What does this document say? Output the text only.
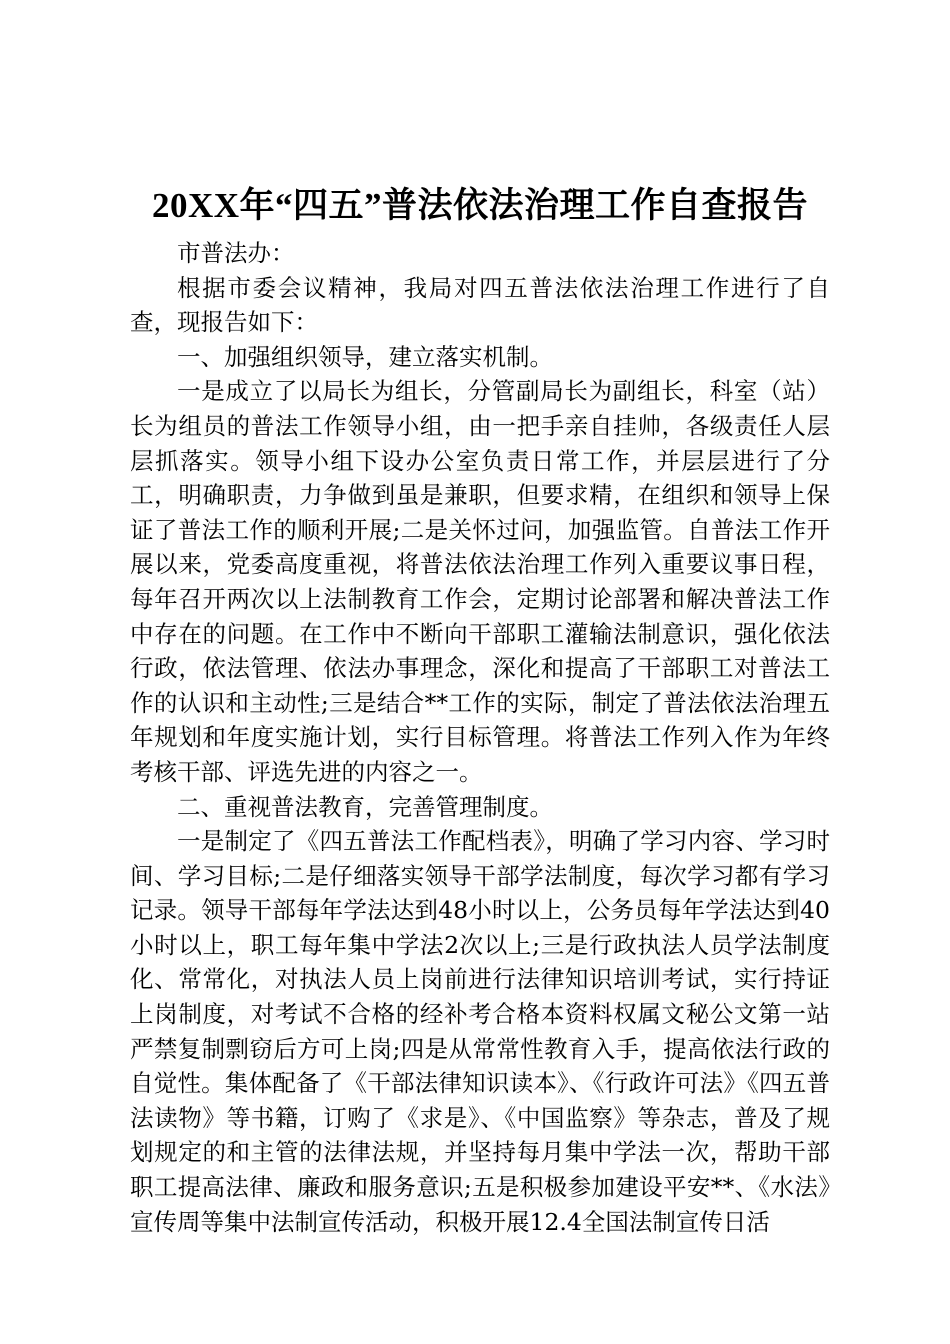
20XX年“四五”普法依法治理工作自查报告

市普法办：

根据市委会议精神，我局对四五普法依法治理工作进行了自查，现报告如下：

一、加强组织领导，建立落实机制。

一是成立了以局长为组长，分管副局长为副组长，科室（站）长为组员的普法工作领导小组，由一把手亲自挂帅，各级责任人层层抓落实。领导小组下设办公室负责日常工作，并层层进行了分工，明确职责，力争做到虽是兼职，但要求精，在组织和领导上保证了普法工作的顺利开展;二是关怀过问，加强监管。自普法工作开展以来，党委高度重视，将普法依法治理工作列入重要议事日程，每年召开两次以上法制教育工作会，定期讨论部署和解决普法工作中存在的问题。在工作中不断向干部职工灌输法制意识，强化依法行政，依法管理、依法办事理念，深化和提高了干部职工对普法工作的认识和主动性;三是结合**工作的实际，制定了普法依法治理五年规划和年度实施计划，实行目标管理。将普法工作列入作为年终考核干部、评选先进的内容之一。

二、重视普法教育，完善管理制度。

一是制定了《四五普法工作配档表》，明确了学习内容、学习时间、学习目标;二是仔细落实领导干部学法制度，每次学习都有学习记录。领导干部每年学法达到48小时以上，公务员每年学法达到40小时以上，职工每年集中学法2次以上;三是行政执法人员学法制度化、常常化，对执法人员上岗前进行法律知识培训考试，实行持证上岗制度，对考试不合格的经补考合格本资料权属文秘公文第一站严禁复制剽窃后方可上岗;四是从常常性教育入手，提高依法行政的自觉性。集体配备了《干部法律知识读本》、《行政许可法》《四五普法读物》等书籍，订购了《求是》、《中国监察》等杂志，普及了规划规定的和主管的法律法规，并坚持每月集中学法一次，帮助干部职工提高法律、廉政和服务意识;五是积极参加建设平安**、《水法》宣传周等集中法制宣传活动，积极开展12.4全国法制宣传日活
